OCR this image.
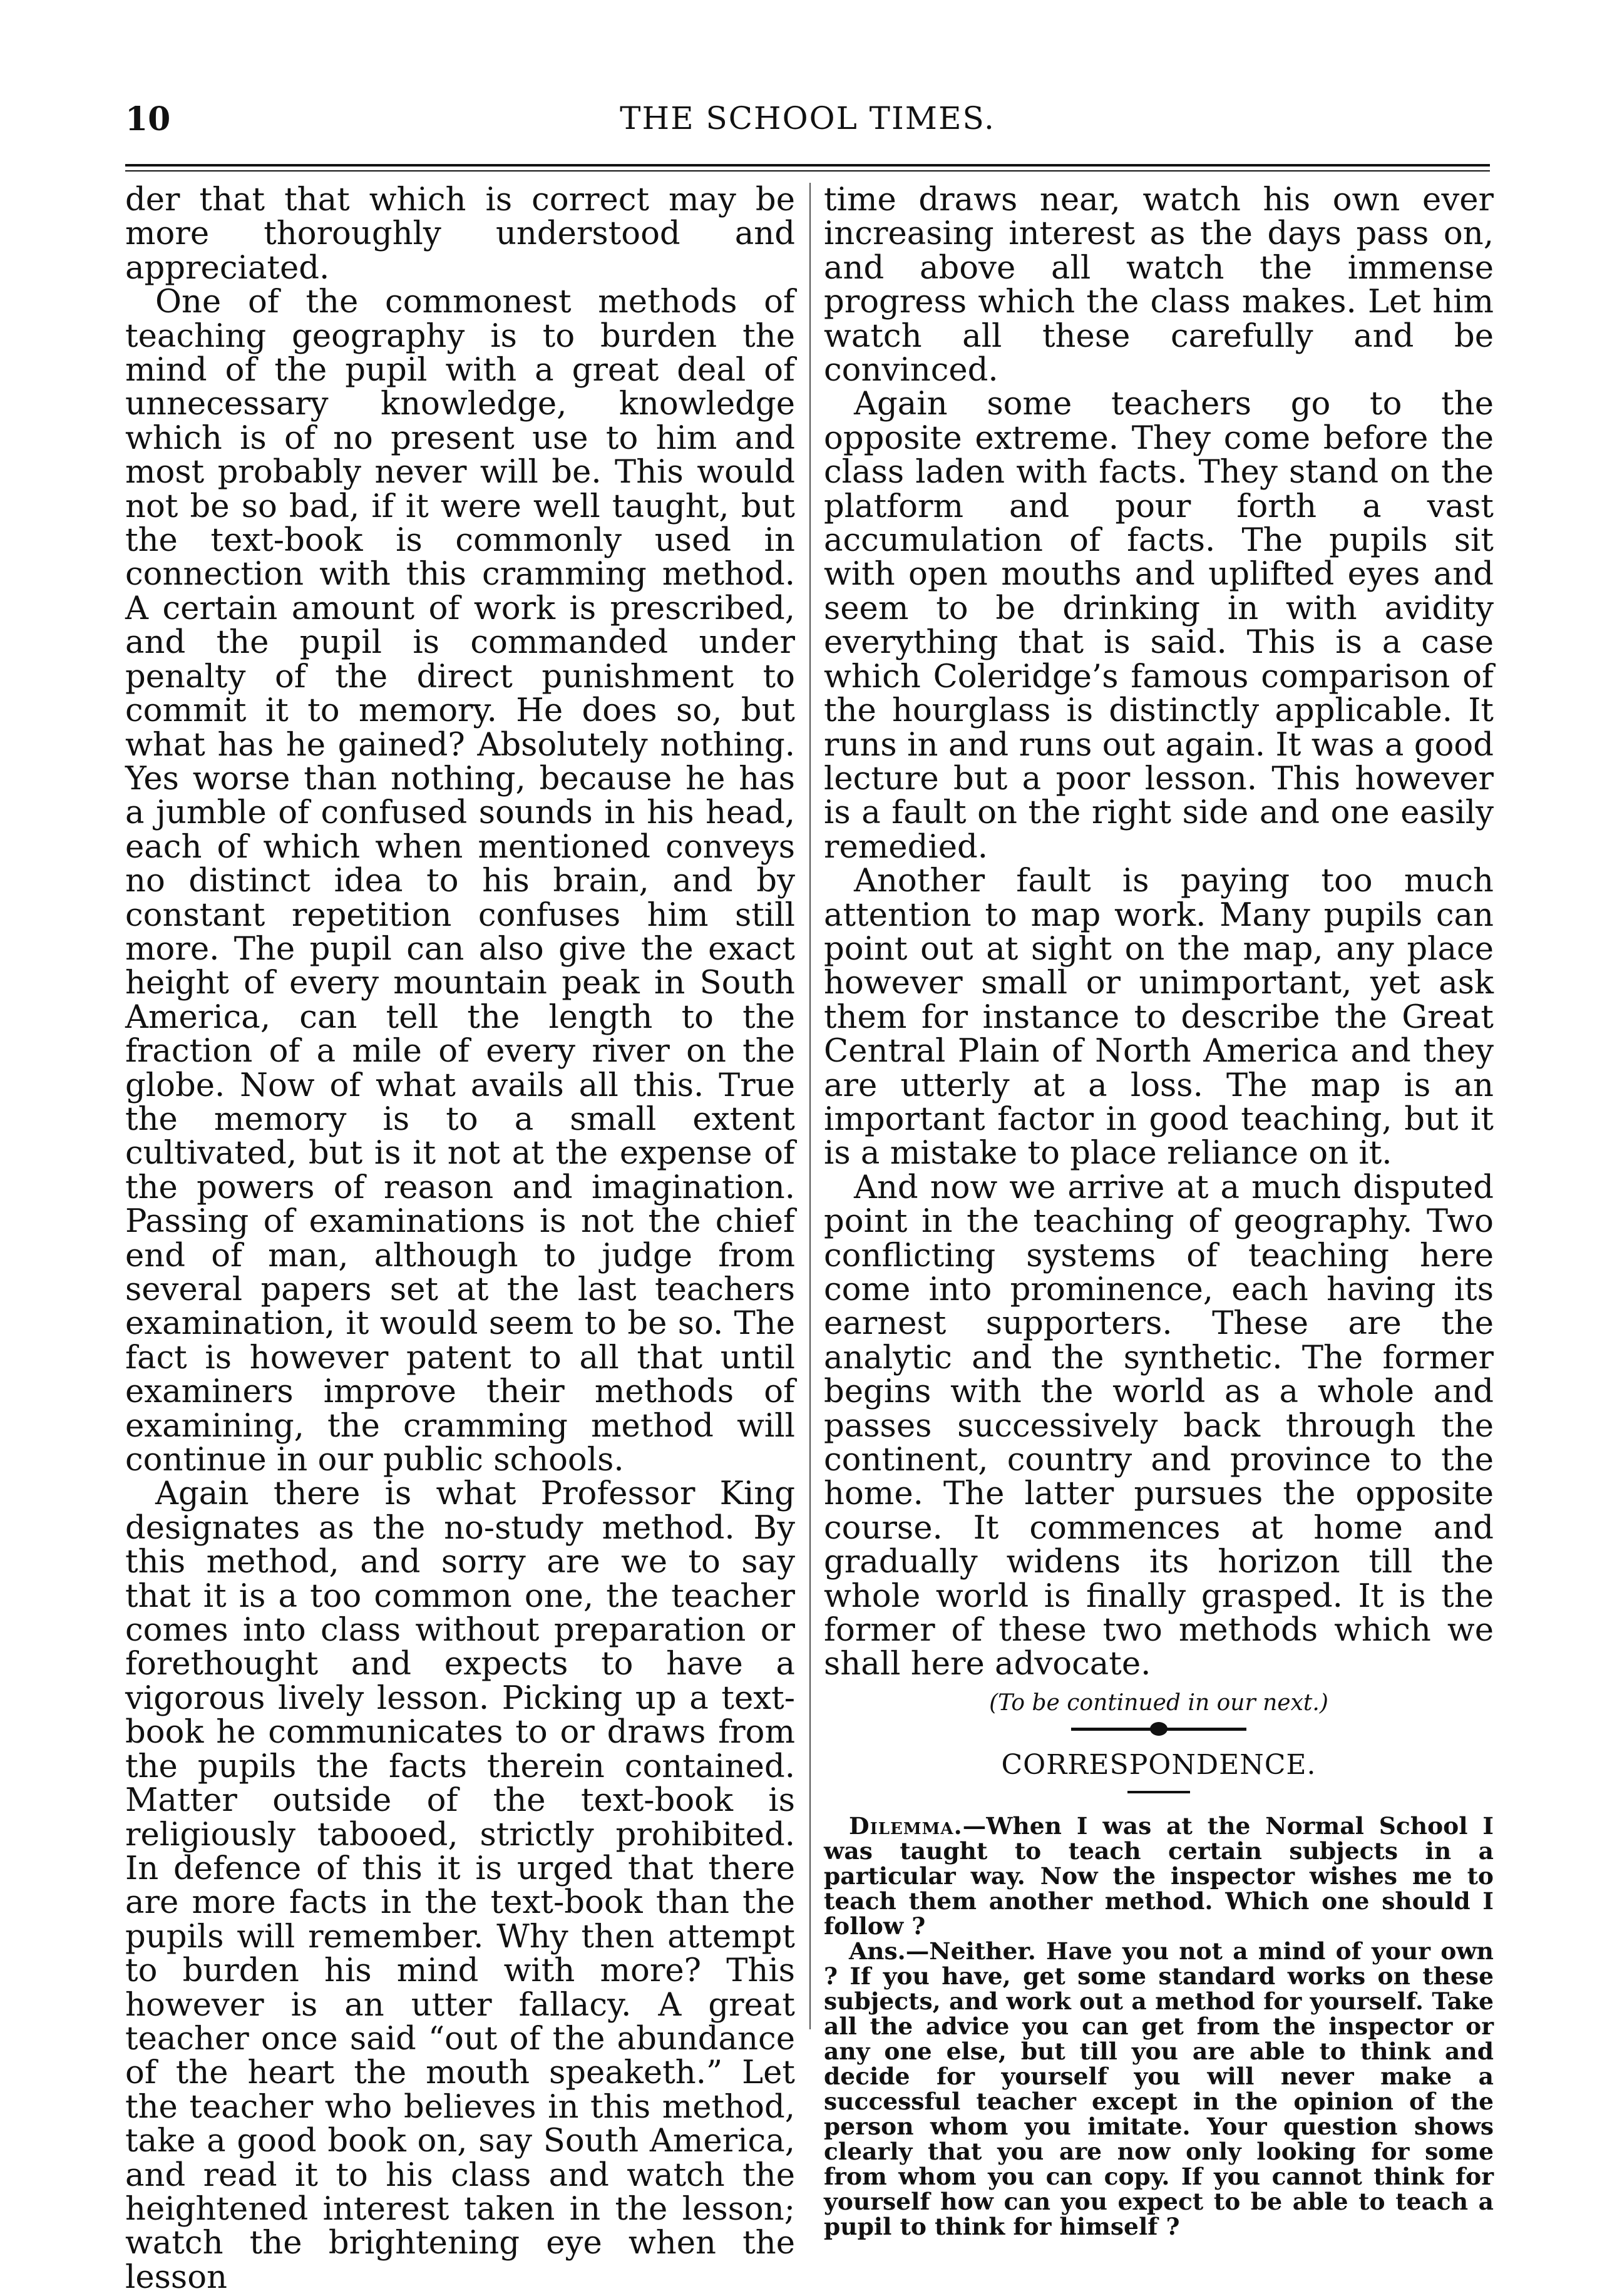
10	THE SCHOOL TIMES.

der that that which is correct may be more thoroughly understood and appreciated.

One of the commonest methods of teaching geography is to burden the mind of the pupil with a great deal of unnecessary knowledge, knowledge which is of no present use to him and most probably never will be. This would not be so bad, if it were well taught, but the text-book is commonly used in connection with this cramming method. A certain amount of work is prescribed, and the pupil is commanded under penalty of the direct punishment to commit it to memory. He does so, but what has he gained? Absolutely nothing. Yes worse than nothing, because he has a jumble of confused sounds in his head, each of which when mentioned conveys no distinct idea to his brain, and by constant repetition confuses him still more. The pupil can also give the exact height of every mountain peak in South America, can tell the length to the fraction of a mile of every river on the globe. Now of what avails all this. True the memory is to a small extent cultivated, but is it not at the expense of the powers of reason and imagination. Passing of examinations is not the chief end of man, although to judge from several papers set at the last teachers examination, it would seem to be so. The fact is however patent to all that until examiners improve their methods of examining, the cramming method will continue in our public schools.

Again there is what Professor King designates as the no-study method. By this method, and sorry are we to say that it is a too common one, the teacher comes into class without preparation or forethought and expects to have a vigorous lively lesson. Picking up a text-book he communicates to or draws from the pupils the facts therein contained. Matter outside of the text-book is religiously tabooed, strictly prohibited. In defence of this it is urged that there are more facts in the text-book than the pupils will remember. Why then attempt to burden his mind with more? This however is an utter fallacy. A great teacher once said “out of the abundance of the heart the mouth speaketh.” Let the teacher who believes in this method, take a good book on, say South America, and read it to his class and watch the heightened interest taken in the lesson; watch the brightening eye when the lesson

time draws near, watch his own ever increasing interest as the days pass on, and above all watch the immense progress which the class makes. Let him watch all these carefully and be convinced.

Again some teachers go to the opposite extreme. They come before the class laden with facts. They stand on the platform and pour forth a vast accumulation of facts. The pupils sit with open mouths and uplifted eyes and seem to be drinking in with avidity everything that is said. This is a case which Coleridge’s famous comparison of the hourglass is distinctly applicable. It runs in and runs out again. It was a good lecture but a poor lesson. This however is a fault on the right side and one easily remedied.

Another fault is paying too much attention to map work. Many pupils can point out at sight on the map, any place however small or unimportant, yet ask them for instance to describe the Great Central Plain of North America and they are utterly at a loss. The map is an important factor in good teaching, but it is a mistake to place reliance on it.

And now we arrive at a much disputed point in the teaching of geography. Two conflicting systems of teaching here come into prominence, each having its earnest supporters. These are the analytic and the synthetic. The former begins with the world as a whole and passes successively back through the continent, country and province to the home. The latter pursues the opposite course. It commences at home and gradually widens its horizon till the whole world is finally grasped. It is the former of these two methods which we shall here advocate.

(To be continued in our next.)
CORRESPONDENCE.

Dilemma.—When I was at the Normal School I was taught to teach certain subjects in a particular way. Now the inspector wishes me to teach them another method. Which one should I follow ?

Ans.—Neither. Have you not a mind of your own ? If you have, get some standard works on these subjects, and work out a method for yourself. Take all the advice you can get from the inspector or any one else, but till you are able to think and decide for yourself you will never make a successful teacher except in the opinion of the person whom you imitate. Your question shows clearly that you are now only looking for some from whom you can copy. If you cannot think for yourself how can you expect to be able to teach a pupil to think for himself ?
